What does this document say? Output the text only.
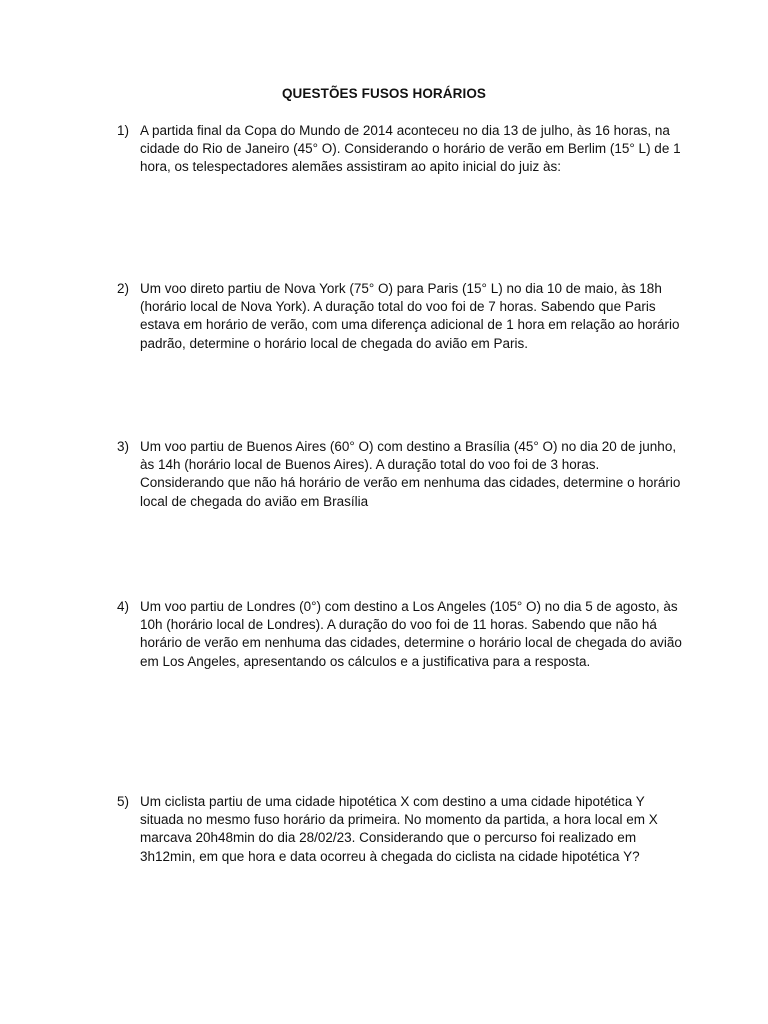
QUESTÕES FUSOS HORÁRIOS
1) A partida final da Copa do Mundo de 2014 aconteceu no dia 13 de julho, às 16 horas, na cidade do Rio de Janeiro (45° O). Considerando o horário de verão em Berlim (15° L) de 1 hora, os telespectadores alemães assistiram ao apito inicial do juiz às:
2) Um voo direto partiu de Nova York (75° O) para Paris (15° L) no dia 10 de maio, às 18h (horário local de Nova York). A duração total do voo foi de 7 horas. Sabendo que Paris estava em horário de verão, com uma diferença adicional de 1 hora em relação ao horário padrão, determine o horário local de chegada do avião em Paris.
3) Um voo partiu de Buenos Aires (60° O) com destino a Brasília (45° O) no dia 20 de junho, às 14h (horário local de Buenos Aires). A duração total do voo foi de 3 horas. Considerando que não há horário de verão em nenhuma das cidades, determine o horário local de chegada do avião em Brasília
4) Um voo partiu de Londres (0°) com destino a Los Angeles (105° O) no dia 5 de agosto, às 10h (horário local de Londres). A duração do voo foi de 11 horas. Sabendo que não há horário de verão em nenhuma das cidades, determine o horário local de chegada do avião em Los Angeles, apresentando os cálculos e a justificativa para a resposta.
5) Um ciclista partiu de uma cidade hipotética X com destino a uma cidade hipotética Y situada no mesmo fuso horário da primeira. No momento da partida, a hora local em X marcava 20h48min do dia 28/02/23. Considerando que o percurso foi realizado em 3h12min, em que hora e data ocorreu à chegada do ciclista na cidade hipotética Y?
